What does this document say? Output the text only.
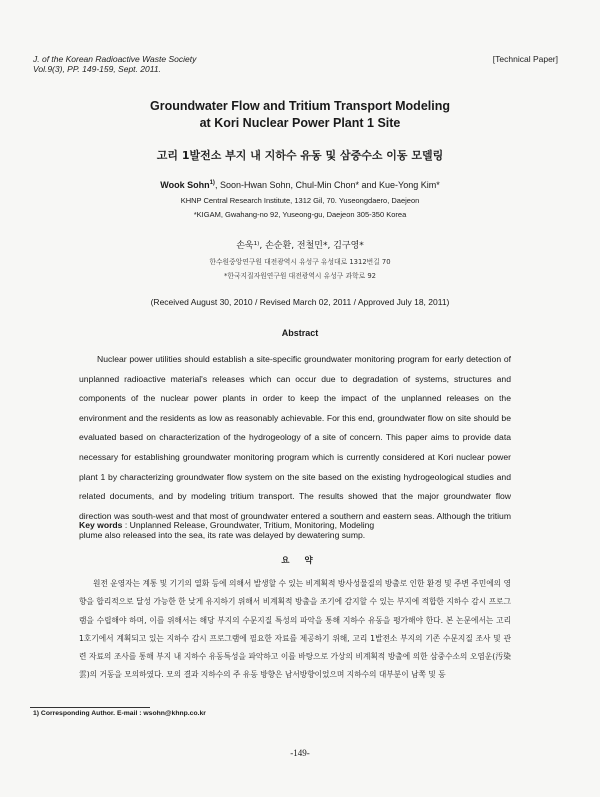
J. of the Korean Radioactive Waste Society
Vol.9(3), PP. 149-159, Sept. 2011.
[Technical Paper]
Groundwater Flow and Tritium Transport Modeling
at Kori Nuclear Power Plant 1 Site
고리 1발전소 부지 내 지하수 유동 및 삼중수소 이동 모델링
Wook Sohn$^{1)}$, Soon-Hwan Sohn, Chul-Min Chon* and Kue-Yong Kim*
KHNP Central Research Institute, 1312 Gil, 70. Yuseongdaero, Daejeon
*KIGAM, Gwahang-no 92, Yuseong-gu, Daejeon 305-350 Korea
손욱¹⁾, 손순환, 전철민*, 김구영*
한수원중앙연구원 대전광역시 유성구 유성대로 1312번길 70
*한국지질자원연구원 대전광역시 유성구 과학로 92
(Received August 30, 2010 / Revised March 02, 2011 / Approved July 18, 2011)
Abstract

Nuclear power utilities should establish a site-specific groundwater monitoring program for early detection of unplanned radioactive material's releases which can occur due to degradation of systems, structures and components of the nuclear power plants in order to keep the impact of the unplanned releases on the environment and the residents as low as reasonably achievable. For this end, groundwater flow on site should be evaluated based on characterization of the hydrogeology of a site of concern. This paper aims to provide data necessary for establishing groundwater monitoring program which is currently considered at Kori nuclear power plant 1 by characterizing groundwater flow system on the site based on the existing hydrogeological studies and related documents, and by modeling tritium transport. The results showed that the major groundwater flow direction was south-west and that most of groundwater entered a southern and eastern seas. Although the tritium plume also released into the sea, its rate was delayed by dewatering sump.

Key words : Unplanned Release, Groundwater, Tritium, Monitoring, Modeling
요 약

원전 운영자는 계통 및 기기의 열화 등에 의해서 발생할 수 있는 비계획적 방사성물질의 방출로 인한 환경 및 주변 주민에의 영향을 합리적으로 달성 가능한 한 낮게 유지하기 위해서 비계획적 방출을 조기에 감지할 수 있는 부지에 적합한 지하수 감시 프로그램을 수립해야 하며, 이를 위해서는 해당 부지의 수문지질 특성의 파악을 통해 지하수 유동을 평가해야 한다. 본 논문에서는 고리 1호기에서 계획되고 있는 지하수 감시 프로그램에 필요한 자료를 제공하기 위해, 고리 1발전소 부지의 기존 수문지질 조사 및 관련 자료의 조사를 통해 부지 내 지하수 유동특성을 파악하고 이를 바탕으로 가상의 비계획적 방출에 의한 삼중수소의 오염운(汚染雲)의 거동을 모의하였다. 모의 결과 지하수의 주 유동 방향은 남서방향이었으며 지하수의 대부분이 남쪽 및 동

1) Corresponding Author. E-mail : wsohn@khnp.co.kr
-149-
